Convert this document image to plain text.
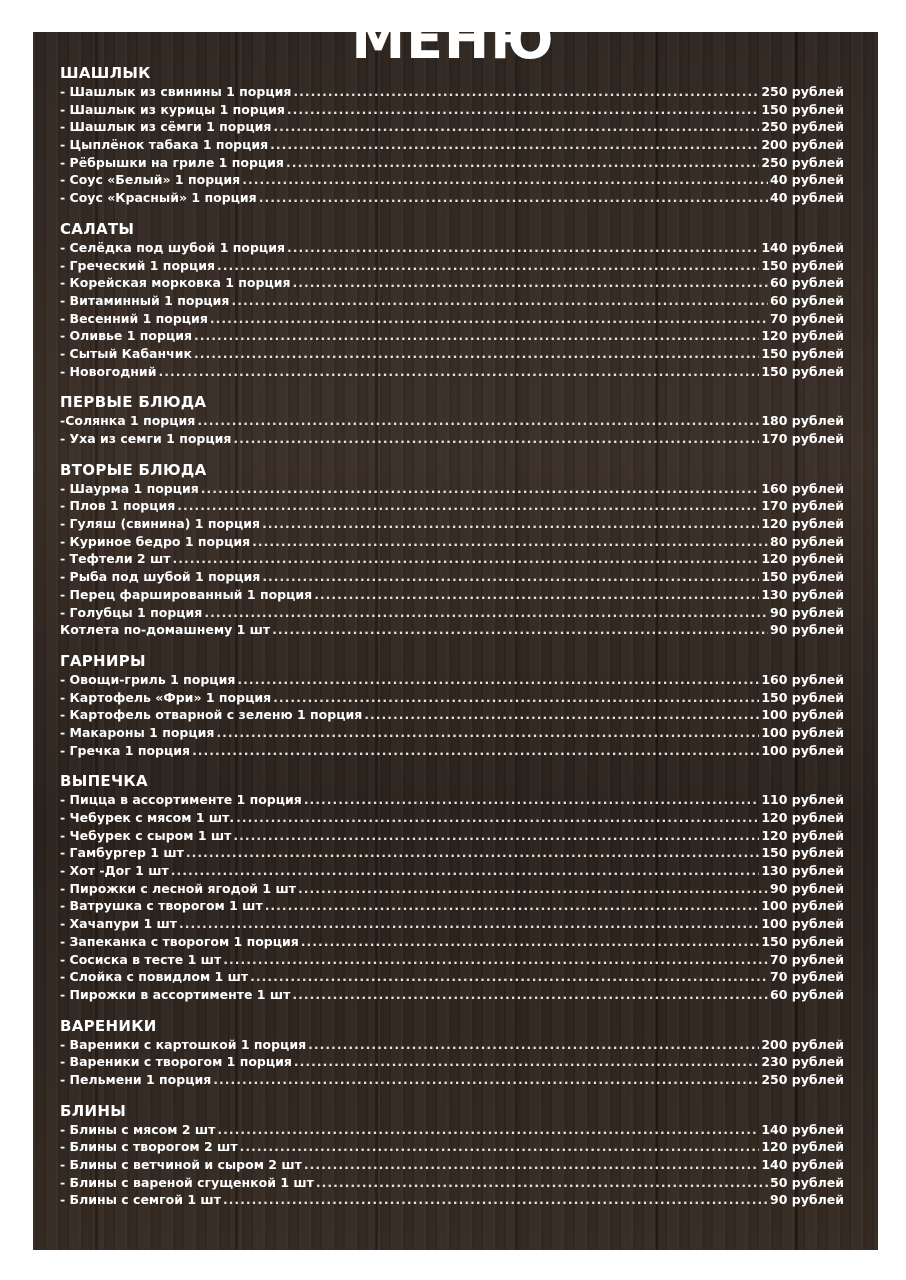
МЕНЮ
ШАШЛЫК
- Шашлык из свинины 1 порция .....	250 рублей
- Шашлык из курицы 1 порция .....	150 рублей
- Шашлык из сёмги 1 порция .....	250 рублей
- Цыплёнок табака 1 порция .....	200 рублей
- Рёбрышки на гриле 1 порция .....	250 рублей
- Соус «Белый» 1 порция .....	40 рублей
- Соус «Красный» 1 порция .....	40 рублей
САЛАТЫ
- Селёдка под шубой 1 порция .....	140 рублей
- Греческий 1 порция .....	150 рублей
- Корейская морковка 1 порция .....	60 рублей
- Витаминный 1 порция .....	60 рублей
- Весенний 1 порция .....	70 рублей
- Оливье 1 порция .....	120 рублей
- Сытый Кабанчик .....	150 рублей
- Новогодний .....	150 рублей
ПЕРВЫЕ БЛЮДА
-Солянка 1 порция .....	180 рублей
- Уха из семги 1 порция .....	170 рублей
ВТОРЫЕ БЛЮДА
- Шаурма 1 порция .....	160 рублей
- Плов 1 порция .....	170 рублей
- Гуляш (свинина) 1 порция .....	120 рублей
- Куриное бедро 1 порция .....	80 рублей
- Тефтели 2 шт .....	120 рублей
- Рыба под шубой 1 порция .....	150 рублей
- Перец фаршированный 1 порция .....	130 рублей
- Голубцы 1 порция .....	90 рублей
Котлета по-домашнему 1 шт .....	90 рублей
ГАРНИРЫ
- Овощи-гриль 1 порция .....	160 рублей
- Картофель «Фри» 1 порция .....	150 рублей
- Картофель отварной с зеленю 1 порция .....	100 рублей
- Макароны 1 порция .....	100 рублей
- Гречка 1 порция .....	100 рублей
ВЫПЕЧКА
- Пицца в ассортименте 1 порция .....	110 рублей
- Чебурек с мясом 1 шт. .....	120 рублей
- Чебурек с сыром 1 шт .....	120 рублей
- Гамбургер 1 шт .....	150 рублей
- Хот -Дог 1 шт .....	130 рублей
- Пирожки с лесной ягодой 1 шт .....	90 рублей
- Ватрушка с творогом 1 шт .....	100 рублей
- Хачапури 1 шт .....	100 рублей
- Запеканка с творогом 1 порция .....	150 рублей
- Сосиска в тесте 1 шт .....	70 рублей
- Слойка с повидлом 1 шт .....	70 рублей
- Пирожки в ассортименте 1 шт .....	60 рублей
ВАРЕНИКИ
- Вареники с картошкой 1 порция .....	200 рублей
- Вареники с творогом 1 порция .....	230 рублей
- Пельмени 1 порция .....	250 рублей
БЛИНЫ
- Блины с мясом 2 шт .....	140 рублей
- Блины с творогом 2 шт .....	120 рублей
- Блины с ветчиной и сыром 2 шт .....	140 рублей
- Блины с вареной сгущенкой 1 шт .....	50 рублей
- Блины с семгой 1 шт .....	90 рублей
